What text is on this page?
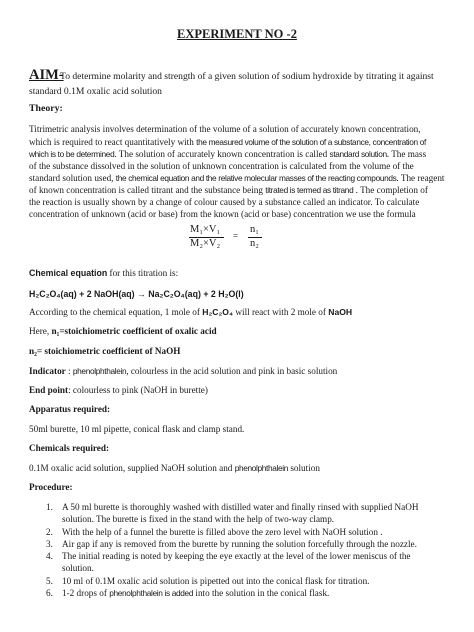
EXPERIMENT NO -2
AIM-
To determine molarity and strength of a given solution of sodium hydroxide by titrating it against
standard 0.1M oxalic acid solution
Theory:
Titrimetric analysis involves determination of the volume of a solution of accurately known concentration,
which is required to react quantitatively with the measured volume of the solution of a substance, concentration of
which is to be determined. The solution of accurately known concentration is called standard solution. The mass
of the substance dissolved in the solution of unknown concentration is calculated from the volume of the
standard solution used, the chemical equation and the relative molecular masses of the reacting compounds. The reagent
of known concentration is called titrant and the substance being titrated is termed as titrand . The completion of
the reaction is usually shown by a change of colour caused by a substance called an indicator. To calculate
concentration of unknown (acid or base) from the known (acid or base) concentration we use the formula
M₁×V₁
M₂×V₂
=
n₁
n₂
Chemical equation for this titration is:
H₂C₂O₄(aq) + 2 NaOH(aq) → Na₂C₂O₄(aq) + 2 H₂O(l)
According to the chemical equation, 1 mole of H₂C₂O₄ will react with 2 mole of NaOH
Here, n₁=stoichiometric coefficient of oxalic acid
n₂= stoichiometric coefficient of NaOH
Indicator : phenolphthalein, colourless in the acid solution and pink in basic solution
End point: colourless to pink (NaOH in burette)
Apparatus required:
50ml burette, 10 ml pipette, conical flask and clamp stand.
Chemicals required:
0.1M oxalic acid solution, supplied NaOH solution and phenolphthalein solution
Procedure:
1. A 50 ml burette is thoroughly washed with distilled water and finally rinsed with supplied NaOH
solution. The burette is fixed in the stand with the help of two-way clamp.
2. With the help of a funnel the burette is filled above the zero level with NaOH solution .
3. Air gap if any is removed from the burette by running the solution forcefully through the nozzle.
4. The initial reading is noted by keeping the eye exactly at the level of the lower meniscus of the
solution.
5. 10 ml of 0.1M oxalic acid solution is pipetted out into the conical flask for titration.
6. 1-2 drops of phenolphthalein is added into the solution in the conical flask.
